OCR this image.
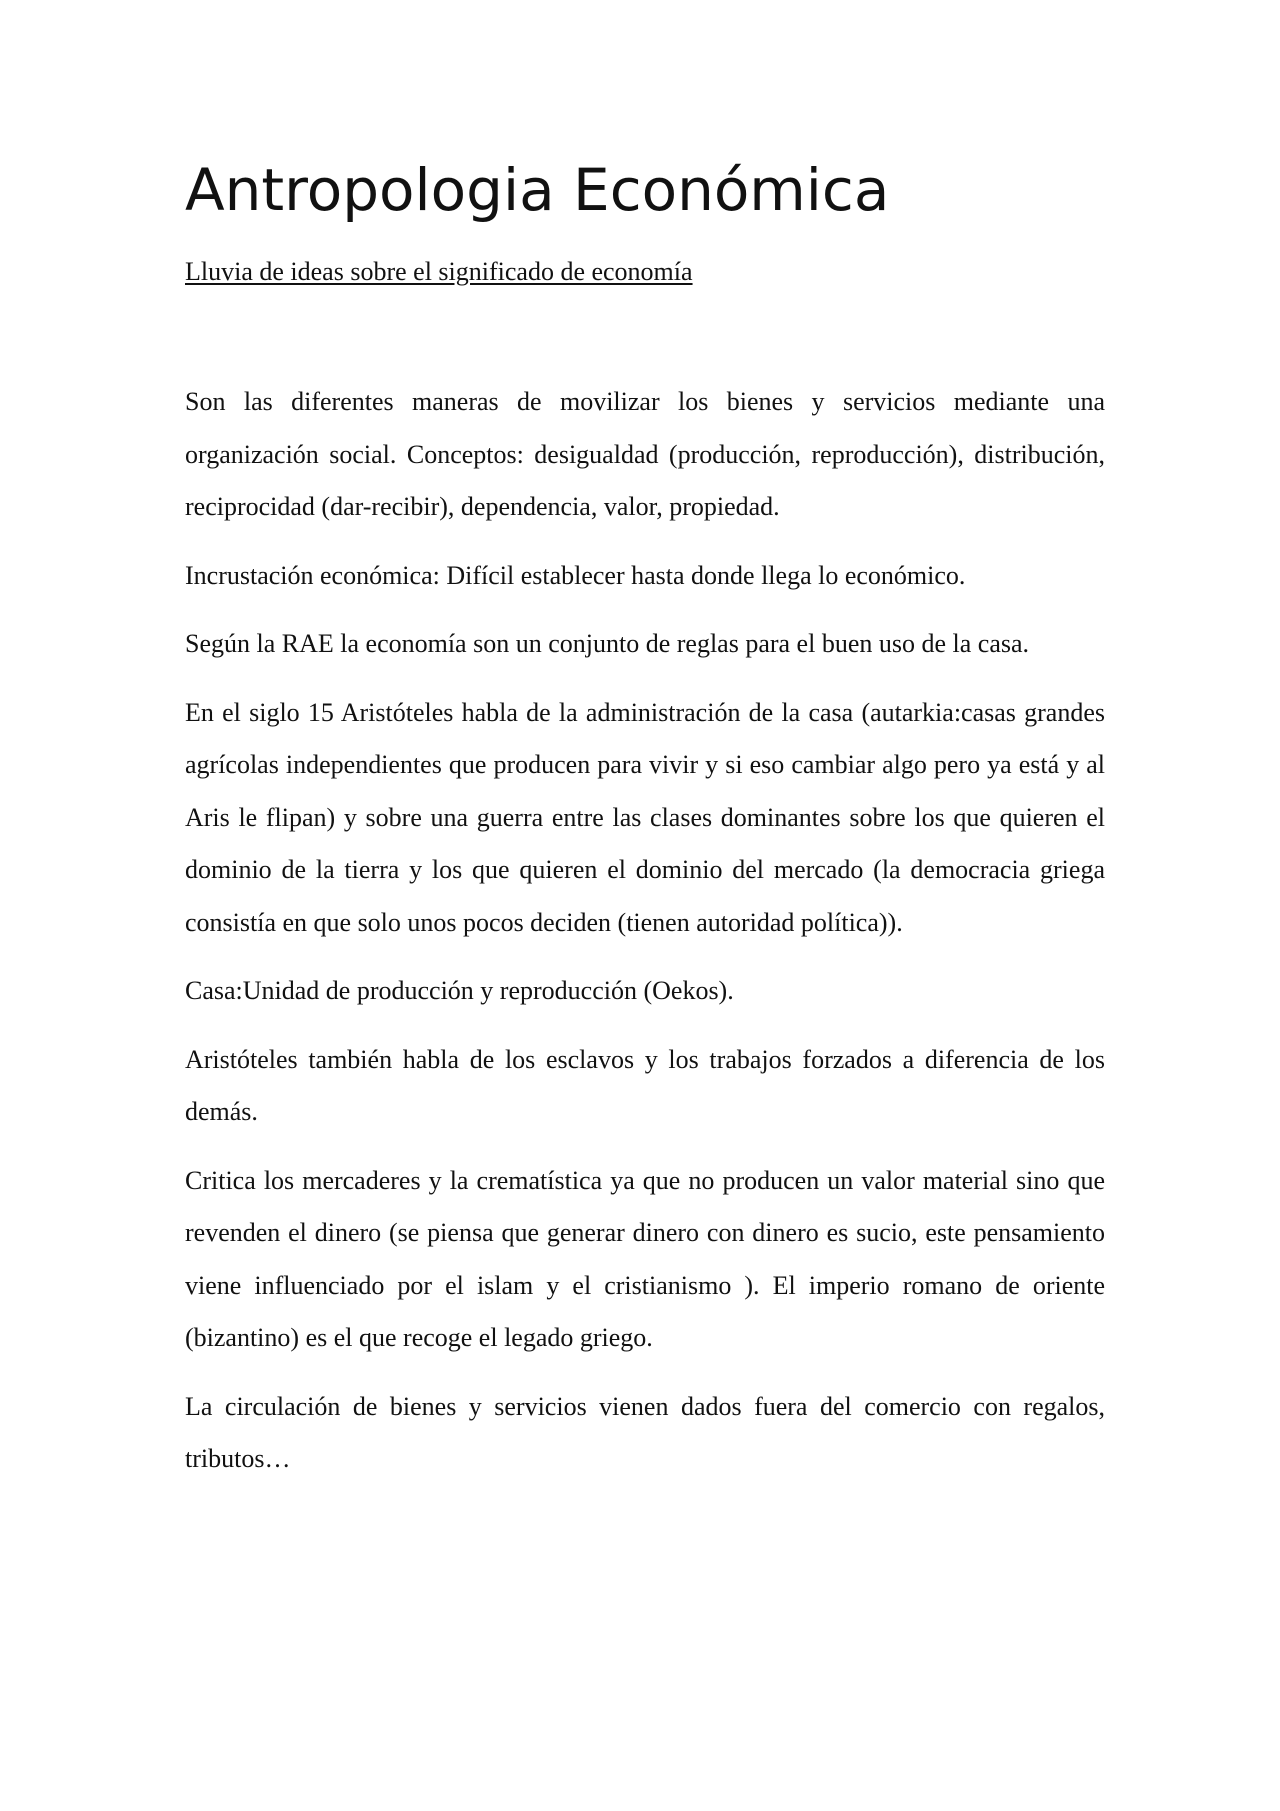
Antropologia Económica

Lluvia de ideas sobre el significado de economía

Son las diferentes maneras de movilizar los bienes y servicios mediante una organización social. Conceptos: desigualdad (producción, reproducción), distribución, reciprocidad (dar-recibir), dependencia, valor, propiedad.

Incrustación económica: Difícil establecer hasta donde llega lo económico.

Según la RAE la economía son un conjunto de reglas para el buen uso de la casa.

En el siglo 15 Aristóteles habla de la administración de la casa (autarkia:casas grandes agrícolas independientes que producen para vivir y si eso cambiar algo pero ya está y al Aris le flipan) y sobre una guerra entre las clases dominantes sobre los que quieren el dominio de la tierra y los que quieren el dominio del mercado (la democracia griega consistía en que solo unos pocos deciden (tienen autoridad política)).

Casa:Unidad de producción y reproducción (Oekos).

Aristóteles también habla de los esclavos y los trabajos forzados a diferencia de los demás.

Critica los mercaderes y la crematística ya que no producen un valor material sino que revenden el dinero (se piensa que generar dinero con dinero es sucio, este pensamiento viene influenciado por el islam y el cristianismo ). El imperio romano de oriente (bizantino) es el que recoge el legado griego.

La circulación de bienes y servicios vienen dados fuera del comercio con regalos, tributos…
